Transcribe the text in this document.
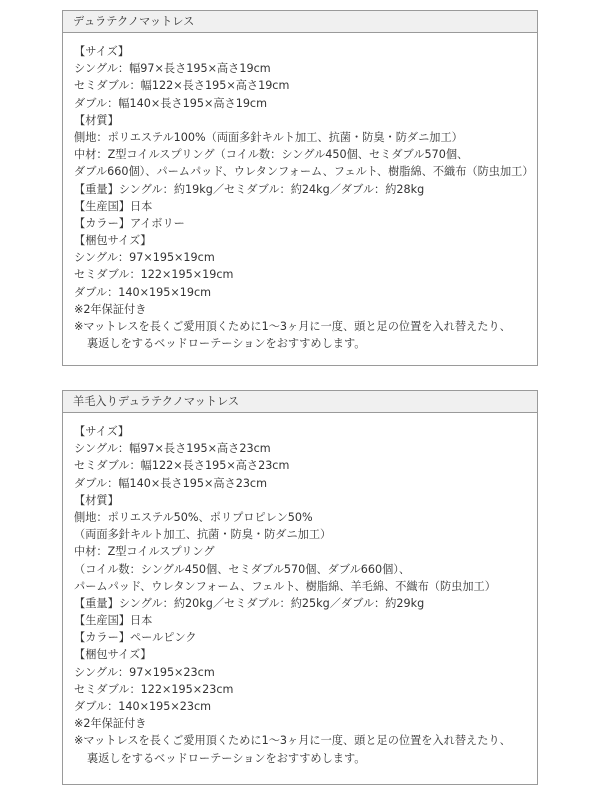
デュラテクノマットレス
【サイズ】
シングル：幅97×長さ195×高さ19cm
セミダブル：幅122×長さ195×高さ19cm
ダブル：幅140×長さ195×高さ19cm
【材質】
側地：ポリエステル100%（両面多針キルト加工、抗菌・防臭・防ダニ加工）
中材：Z型コイルスプリング（コイル数：シングル450個、セミダブル570個、
ダブル660個）、パームパッド、ウレタンフォーム、フェルト、樹脂綿、不織布（防虫加工）
【重量】シングル：約19kg／セミダブル：約24kg／ダブル：約28kg
【生産国】日本
【カラー】アイボリー
【梱包サイズ】
シングル：97×195×19cm
セミダブル：122×195×19cm
ダブル：140×195×19cm
※2年保証付き
※マットレスを長くご愛用頂くために1〜3ヶ月に一度、頭と足の位置を入れ替えたり、
裏返しをするベッドローテーションをおすすめします。
羊毛入りデュラテクノマットレス
【サイズ】
シングル：幅97×長さ195×高さ23cm
セミダブル：幅122×長さ195×高さ23cm
ダブル：幅140×長さ195×高さ23cm
【材質】
側地：ポリエステル50%、ポリプロピレン50%
（両面多針キルト加工、抗菌・防臭・防ダニ加工）
中材：Z型コイルスプリング
（コイル数：シングル450個、セミダブル570個、ダブル660個）、
パームパッド、ウレタンフォーム、フェルト、樹脂綿、羊毛綿、不織布（防虫加工）
【重量】シングル：約20kg／セミダブル：約25kg／ダブル：約29kg
【生産国】日本
【カラー】ペールピンク
【梱包サイズ】
シングル：97×195×23cm
セミダブル：122×195×23cm
ダブル：140×195×23cm
※2年保証付き
※マットレスを長くご愛用頂くために1〜3ヶ月に一度、頭と足の位置を入れ替えたり、
裏返しをするベッドローテーションをおすすめします。
